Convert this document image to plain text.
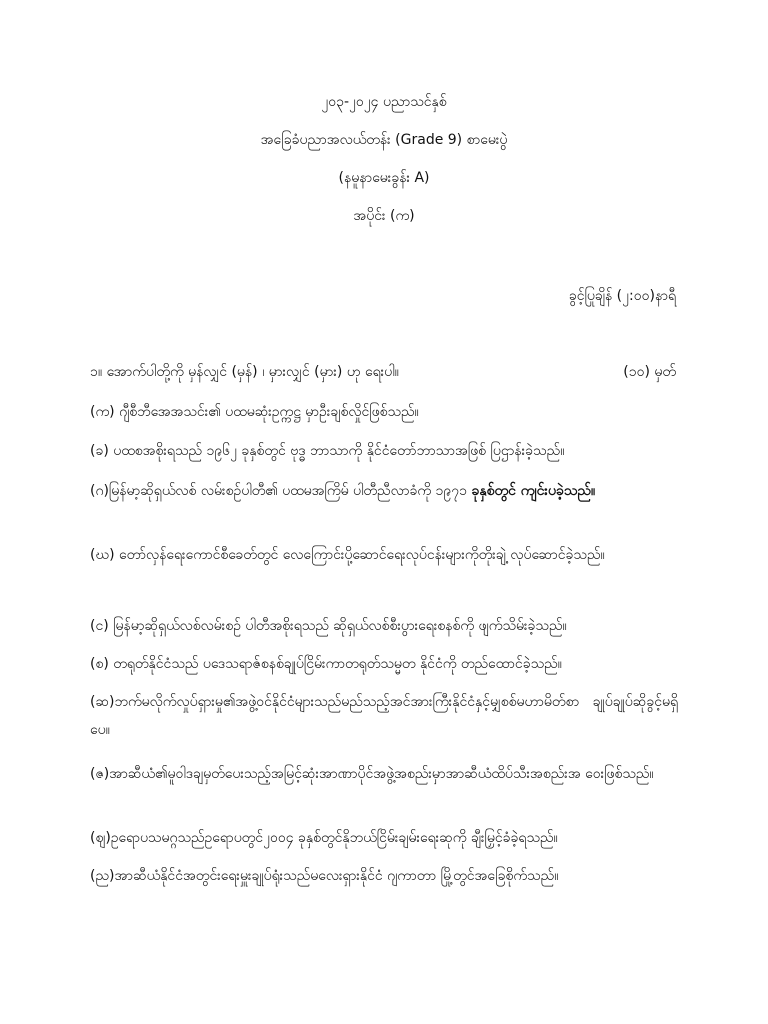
၂၀၃-၂၀၂၄ ပညာသင်နှစ်
အခြေခံပညာအလယ်တန်း (Grade 9) စာမေးပွဲ
(နမူနာမေးခွန်း A)
အပိုင်း (က)
ခွင့်ပြုချိန် (၂:၀၀)နာရီ
၁။ အောက်ပါတို့ကို မှန်လျှင် (မှန်) ၊ မှားလျှင် (မှား) ဟု ရေးပါ။	(၁၀) မှတ်
(က) ဂျီစီဘီအေအသင်း၏ ပထမဆုံးဥက္ကဋ္ဌ မှာဦးချစ်လှိုင်ဖြစ်သည်။
(ခ) ပထစအစိုးရသည် ၁၉၆၂ ခုနှစ်တွင် ဗုဒ္ဓ ဘာသာကို နိုင်ငံတော်ဘာသာအဖြစ် ပြဌာန်းခဲ့သည်။
(ဂ)မြန်မာ့ဆိုရှယ်လစ် လမ်းစဉ်ပါတီ၏ ပထမအကြိမ် ပါတီညီလာခံကို ၁၉၇၁ ခုနှစ်တွင် ကျင်းပခဲ့သည်။
(ဃ) တော်လှန်ရေးကောင်စီခေတ်တွင် လေကြောင်းပို့ဆောင်ရေးလုပ်ငန်းများကိုတိုးချဲ့ လုပ်ဆောင်ခဲ့သည်။
(င) မြန်မာ့ဆိုရှယ်လစ်လမ်းစဉ် ပါတီအစိုးရသည် ဆိုရှယ်လစ်စီးပွားရေးစနစ်ကို ဖျက်သိမ်းခဲ့သည်။
(စ) တရုတ်နိုင်ငံသည် ပဒေသရာဇ်စနစ်ချုပ်ငြိမ်းကာတရုတ်သမ္မတ နိုင်ငံကို တည်ထောင်ခဲ့သည်။
(ဆ)ဘက်မလိုက်လှုပ်ရှားမှု၏အဖွဲ့ဝင်နိုင်ငံများသည်မည်သည့်အင်အားကြီးနိုင်ငံနှင့်မျှစစ်မဟာမိတ်စာ ချုပ်ချုပ်ဆိုခွင့်မရှိပေ။
(ဇ)အာဆီယံ၏မူဝါဒချမှတ်ပေးသည့်အမြင့်ဆုံးအာဏာပိုင်အဖွဲ့အစည်းမှာအာဆီယံထိပ်သီးအစည်းအ ဝေးဖြစ်သည်။
(ဈ)ဥရောပသမဂ္ဂသည်ဥရောပတွင်၂၀၀၄ ခုနှစ်တွင်နိုဘယ်ငြိမ်းချမ်းရေးဆုကို ချီးမြှင့်ခံခဲ့ရသည်။
(ည)အာဆီယံနိုင်ငံအတွင်းရေးမှူးချုပ်ရုံးသည်မလေးရှားနိုင်ငံ ဂျကာတာ မြို့တွင်အခြေစိုက်သည်။
